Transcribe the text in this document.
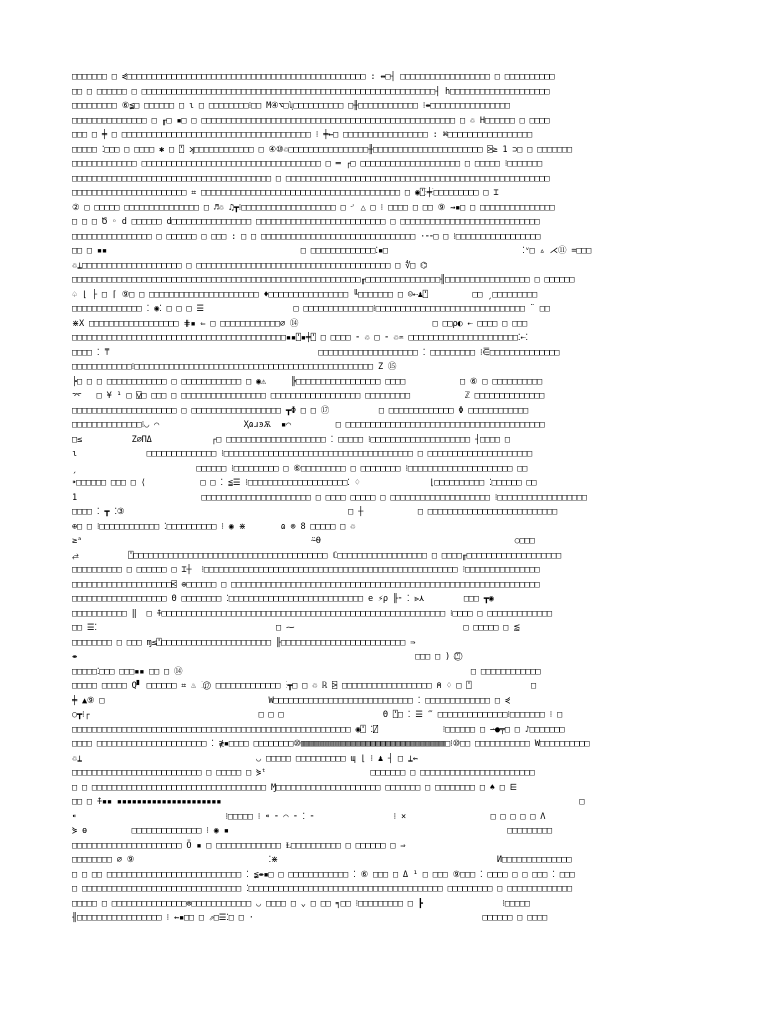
□□□□□□□ □ ⋞□□□□□□□□□□□□□□□□□□□□□□□□□□□□□□□□□□□□□□□□□□□□□□□□ : ⇹□┤ □□□□□□□□□□□□□□□□□□ □ □□□□□□□□□□
□□ □ □□□□□□ □ □□□□□□□□□□□□□□□□□□□□□□□□□□□□□□□□□□□□□□□□□□□□□□□□□□□□□□□□□□□┤ h□□□□□□□□□□□□□□□□□□□□
□□□□□□□□□ ⑥≨□ □□□□□□ □ ɩ □ □□□□□□□□⁝□□ M④⌥□ʯ□□□□□□□□□□ □╫□□□□□□□□□□□□ ⁝⇼□□□□□□□□□□□□□□□□
□□□□□□□□□□□□□□□ □ ╓□ ▪□ □ □□□□□□□□□□□□□□□□□□□□□□□□□□□□□□□□□□□□□□□□□□□□□□□□□□□ □ ♲ H□□□□□□ □ □□□□
□□□ □ ╪ □ □□□□□□□□□□□□□□□□□□□□□□□□□□□□□□□□□□□□□□ ⁝ ╪⇜□ □□□□□□□□□□□□□□□□□ : ⌘□□□□□□□□□□□□□□□□□
□□□□□ ⁚□□□ □ □□□□ ✱ □ ⍞ ʞ□□□□□□□□□□□□ □ ④⑩♲□□□□□□□□□□□□□□□□╫□□□□□□□□□□□□□□□□□□□□□□ ⍄≥ 1 ⊃□ □ □□□□□□□
□□□□□□□□□□□□□ □□□□□□□□□□□□□□□□□□□□□□□□□□□□□□□□□□□□ □ ═ ┌□ □□□□□□□□□□□□□□□□□□□□ □ □□□□□ ⁝□□□□□□□
□□□□□□□□□□□□□□□□□□□□□□□□□□□□□□□□□□□□□□□□ □ □□□□□□□□□□□□□□□□□□□□□□□□□□□□□□□□□□□□□□□□□□□□□□□□□□□□□
□□□□□□□□□□□□□□□□□□□□□□□ ⌗ □□□□□□□□□□□□□□□□□□□□□□□□□□□□□□□□□□□□□□□□ □ ◉⍞⁝╪⁝□□□□□□□□□ □ ⌶
② □ □□□□□ □□□□□□□□□□□□□□□ □ ♬♲ ♫┳⁝□□□□□□□□□□□□□□□□□□□ □ ⌏ △ □ ⁝ □□□□ □ □□ ⑨ ⇝▪□ □ □□□□□□□□□□□□□□□
□ □ □ Ծ ◦ d □□□□□□ d□□□□□□□□□□□□□□□□ □□□□□□□□□□□□□□□□□□□□□□□□□□ □ □□□□□□□□□□□□□□□□□□□□□□□□□□□□
□□□□□□□□□□□□□□□□ □ □□□□□□ □ □□□ : □ □ □□□□□□□□□□□□□□□□□□□□□□□□□□□□□□□ ·⁃⁃□ □ ⁝□□□□□□□□□□□□□□□□□
□□ □ ▪▪                                       □ □□□□□□□□□□□□□⁚▪□                           ⁚ᵛ□ ▵ ⋌⑪ =□□□
♲⍊□□□□□□□□□□□□□□□□□□□□ □ □□□□□□□□□□□□□□□□□□□□□□□□□□□□□□□□□□□□□□□ □ ∜□ ⌬
□□□□□□□□□□□□□□□□□□□□□□□□□□□□□□□□□□□□□□□□□□□□□□□□□□□□□□□□□□╓□□□□□□□□□□□□□□□╢□□□□□□□□□□□□□□□□□ □ □□□□□□
♤ ⌊ ├ □ ⌈ ⑨□ □ □□□□□□□□□□□□□□□□□□□□□□ ♦□□□□□□□□□□□□□□□□ ╙□□□□□□□ □ ☹⇠♟⍞         □□ ˏ□□□□□□□□□
□□□□□□□□□□□□□□ ⁚ ◉⁚ □ □ □ ☰                  □ □□□□□□□□□□□□□□⁝□□□□□□□□□□□□□□□□□□□□□□□□□□□□□□ ¨ □□
⋇X □□□□□□□□□□□□□□□□□□ ⋕▪ ⇐ □ □□□□□□□□□□□□⌀ ⑭                           □ □□ρ◐ ⇠ □□□□ □ □□□
□□□□□□□□□□□□□□□□□□□□□□□□□□□□□□□□□□□□□□□□□□□▪▪⍞▪╪⍞ □ □□□□ ⁃ ♲ □ ⁃ ♲♒ □□□□□□□□□□□□□□□□□□□□□□⁚⇠⁚
□□□□ ⁚ ⍑                                          □□□□□□□□□□□□□□□□□□□□ ⁚ □□□□□□□□□ ⁝⋶□□□□□□□□□□□□□□
□□□□□□□□□□□□⁝□□□□□□□□□□□□□□□□□□□□□□□□□□□□□□□□□□□□□□□□□□□□□□□□ Z ⑮
┝□ □ □ □□□□□□□□□□□□ □ □□□□□□□□□□□□ □ ◉⚠     ╠□□□□□□□□□□□□□□□□□ □□□□           □ ⑥ □ □□□□□□□□□□
⌤   □ ¥ ¹ □ ⍌□ □□□ □ □□□□□□□□□□□□□□□□□ □□□□□□□□□□□□□□□□□□ □□□□□□□□□           ℤ □□□□□□□□□□□□□□
□□□□□□□□□□□□□□□□□□□□□ □ □□□□□□□□□□□□□□□□□□ ┳Φ □ □ ⑰          □ □□□□□□□□□□□□□ Φ □□□□□□□□□□□□
□□□□□□□□□□□□□□⁝◡ ⌒                 ҲɷɹͽѪ  ▪⌒         □ □□□□□□□□□□□□□□□□□□□□□□□□□□□□□□□□□□□□□□□□
□≤          Ζ⌀ΠΔ            ┌□ □□□□□□□□□□□□□□□□□□□□ ⁚ □□□□□ ⁝□□□□□□□□□□□□□□□□□□□□ ┤□□□□ □
ɩ              □□□□□□□□□□□□□□ ⁝□□□□□□□□□□□□□□□□□□□□□□□□□□□□□□□□□□□□□□ □ □□□□□□□□□□□□□□□□□□□□□
ˏ                        □□□□□□ ⁝□□□□□□□□□ □ ⑥□□□□□□□□□ □ □□□□□□□□ ⁝□□□□□□□□□□□□□□□□□□□□□ □□
⁍□□□□□□ □□□ □ ⟨           □ □ ⁚ ≦☰ ⁝□□□□□□□□□□□□□□□□□□□□⁚ ♢              ⌊□□□□□□□□□□ ⁚□□□□□□ □□
1                         □□□□□□□□□□□□□□□□□□□□□□ □ □□□□ □□□□□ □ □□□□□□□□□□□□□□□□□□□□ ⁝□□□□□□□□□□□□□□□□□□
□□□□ ⁚ ┳ ⁚③                                             □ ┼           □ □□□□□□□□□□□□□□□□□□□□□□□□□□
⊕□ □ ⁝□□□□□□□□□□□□ ⁚□□□□□□□□□□ ⁝ ◉ ⋇       ɷ ⊚ 8 □□□□□ □ ♲
≥ᵃ                                              ⍨⍬                                       ○□□□
⥄          ⍞□□□□□□□□□□□□□□□□□□□□□□□□□□□□□□□□□□□□□□□ ℂ□□□□□□□□□□□□□□□□□□ □ □□□□╓□□□□□□□□□□□□□□□□□□□
□□□□□□□□□□ □ □□□□□□ □ ⌶┼  ⁝□□□□□□□□□□□□□□□□□□□□□□□□□□□□□□□□□□□□□□□□□□□□□□□□□□□ ⁝□□□□□□□□□□□□□□□
□□□□□□□□□□□□□□□□□□□□⍃ ⊕□□□□□□ □ □□□□□□□□□□□□□□□□□□□□□□□□□□□□□□□□□□□□□□□□□□□□□□□□□□□□□□□□□□□□□□
□□□□□□□□□□□□□□□□□□□ Θ □□□□□□□□ ⁚□□□□□□□□□□□□□□□□□□□□□□□□□□□ e ⚡ρ ╟⁃ ⁚ ⪢⋏        □□□ ┳◉
□□□□□□□□□□□ ‖  □ ⍏□□□□□□□□□□□□□□□□□□□□□□□□□□□□□□□□□□□□□□□□□□□□□□□□□□□□□□□□□ ⁝□□□□ □ □□□□□□□□□□□□□
□□ ☰⁚                                    □ ⁓                                  □ □□□□□ □ ⪅
□□□□□□□□ □ □□□ ɱ≤⍞□□□□□□□□□□□□□□□□□□□□□□ ╟□□□□□□□□□□□□□□□□□□□□□□□□□ ⇛
⇼                                                                    □□□ □ ) ⍞⃝
□□□□□⁚□□□ □□□▪▪ □□ □ ⑭                                                          □ □□□□□□□□□□□□
□□□□□ □□□□□ Q▘ □□□□□□ ⌗ ♨ ⁚⑰ □□□□□□□□□□□□□ ⁝┳□ □ ♲ ℝ ⍄ □□□□□□□□□□□□□□□□□□ ⍝ ♢ □ ⍞            □
╪ ▲⑨ □                                 W□□□□□□□□□□□□□□□□□□□□□□□□□□□□ ⁚ □□□□□□□□□□□□□ □ ⋞
○┳⁝┌                                  □ □ □                    Θ ⍞□ ⁚ ☰ ‴ □□□□□□□□□□□□□□⁝□□□□□□□ ⁝ □
□□□□□□□□□□□□□□□□□□□□□□□□□□□□□□□□□□□□□□□□□□□□□□□□□□□□□□□□ ◉⍞ ⁚⍁             ⁝□□□□□□ □ ⇀●╤□ □ ♪□□□□□□□
□□□□ □□□□□□□□□□□□□□□□□□□□□□ ⁚ ≹▪□□□□ □□□□□□□□⑩▥▥▥▥▥▥▥▥▥▥▥▥▥▥▥▥▥▥▥▥▥▥▥▥▥▥▥▥▥□⁝⑩□□ □□□□□□□□□□□ W□□□□□□□□□□
♲⍊                                   ◡ □□□□□ □□□□□□□□□□ ɰ ⌊ ⁝ ♟ ┤ □ ⍊⇜
□□□□□□□□□□□□□□□□□□□□□□□□□□ □ □□□□□ □ ⋟ᵗ                     □□□□□□□ □ □□□□□□□□□□□□□□□□□□□□□□□
□ □ □□□□□□□□□□□□□□□□□□□□□□□□□□□□□□□□□□□ Ɱ□□□□□□□□□□□□□□□□□□□□□ □□□□□□□ □ □□□□□□□□ □ ♠ □ ⋿
□□ □ ⍏▪▪ ▪▪▪▪▪▪▪▪▪▪▪▪▪▪▪▪▪▪▪▪▪                                                                        □
⁌                              ⁝□□□□□ ⁝ ⁌ ⁃ ⌒ ⁃ ⁚ ⁃                ⁝ ×                 □ □ □ □ □ Λ
⋟ ɵ         □□□□□□□□□□□□□□ ⁝ ◉ ▪                                                        □□□□□□□□□
□□□□□□□□□□□□□□□□□□□□□□ Ö ▪ □ □□□□□□□□□□□□□ Ⱡ□□□□□□□□□□ □ □□□□□□ □ ⇒
□□□□□□□□ ∅ ⑨                           ⁚⋇                                            И□□□□□□□□□□□□□□
□ □ □□ □□□□□□□□□□□□□□□□□□□□□□□□□□□ ⁚ ≨⇼▪□ □ □□□□□□□□□□□□ ⁚ ⑥ □□□ □ Δ ¹ □ □□□ ⑨□□□ ⁚ □□□□ □ □ □□□ ⁚ □□□
□ □□□□□□□□□□□□□□□□□□□□□□□□□□□□□□□□ ⁚□□□□□□□□□□□□□□□□□□□□□□□□□□□□□□□□□□□□□□□ □□□□□□□□□ □ □□□□□□□□□□□□□
□□□□□ □ □□□□□□□□□□□□□□□⊚□□□□□□□□□□□□ ◡ □□□□ □ ⌄ □ □□ ╕□□ ⁝□□□□□□□□□ □ ┣                ⁝□□□□□
╢□□□□□□□□□□□□□□□□□ ⁝ ⇜▪□□ □ ⇗□☰⁚□ □ ·                                              □□□□□□ □ □□□□
